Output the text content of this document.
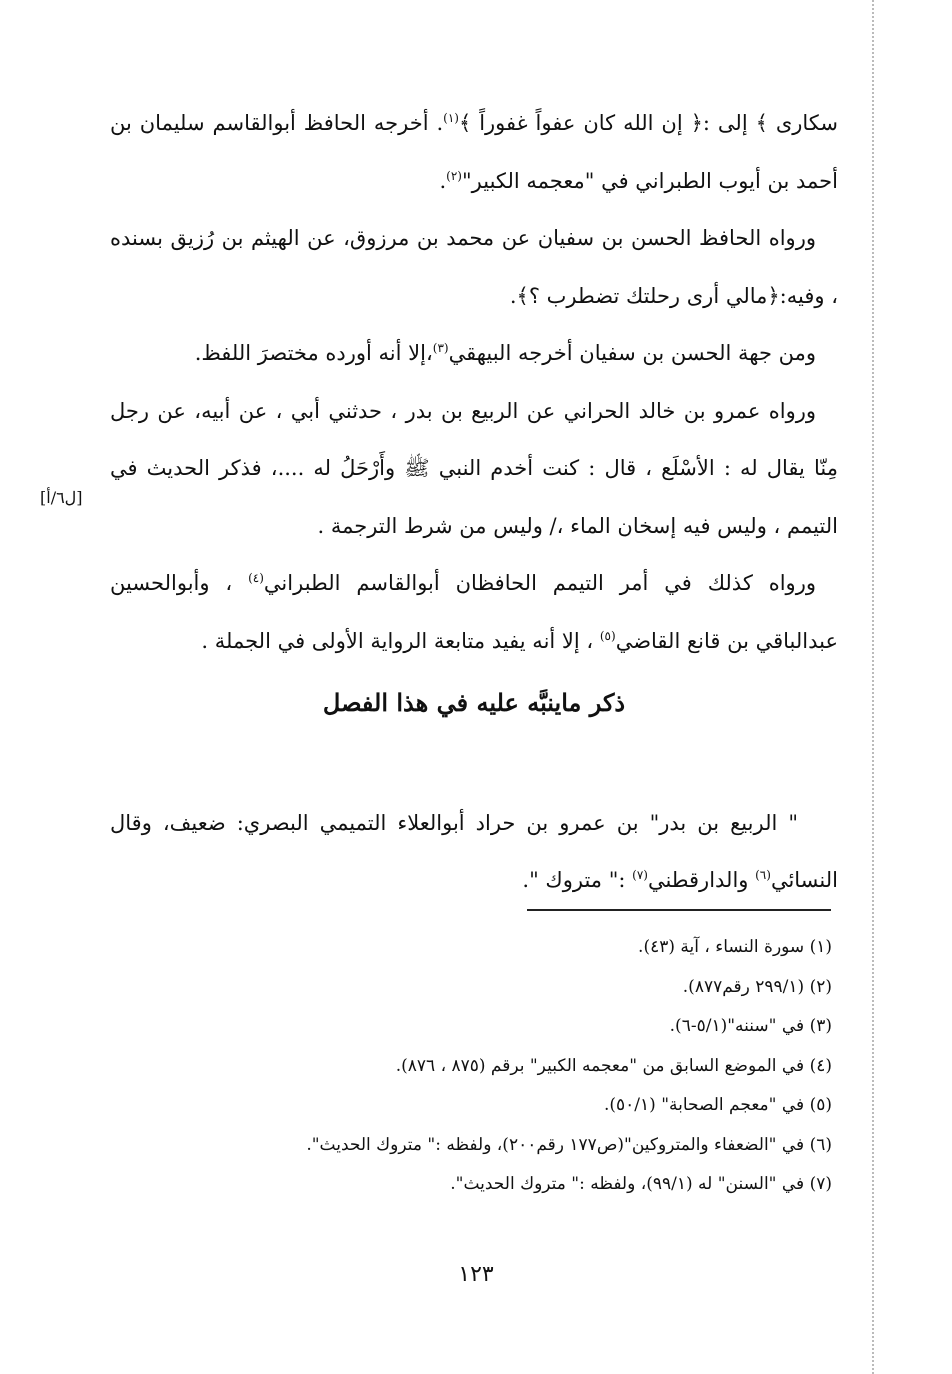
[ل٦/أ]

سكارى ﴾ إلى :﴿ إن الله كان عفواً غفوراً ﴾$^{(١)}$. أخرجه الحافظ أبوالقاسم سليمان بن أحمد بن أيوب الطبراني في "معجمه الكبير"$^{(٢)}$.

ورواه الحافظ الحسن بن سفيان عن محمد بن مرزوق، عن الهيثم بن رُزيق بسنده ، وفيه:﴿مالي أرى رحلتك تضطرب ؟﴾.

ومن جهة الحسن بن سفيان أخرجه البيهقي$^{(٣)}$،إلا أنه أورده مختصرَ اللفظ.

ورواه عمرو بن خالد الحراني عن الربيع بن بدر ، حدثني أبي ، عن أبيه، عن رجل مِنّا يقال له : الأسْلَع ، قال : كنت أخدم النبي ﷺ وأَرْحَلُ له ....، فذكر الحديث في التيمم ، وليس فيه إسخان الماء ،/ وليس من شرط الترجمة .

ورواه كذلك في أمر التيمم الحافظان أبوالقاسم الطبراني$^{(٤)}$ ، وأبوالحسين عبدالباقي بن قانع القاضي$^{(٥)}$ ، إلا أنه يفيد متابعة الرواية الأولى في الجملة .

ذكر ماينبَّه عليه في هذا الفصل

" الربيع بن بدر" بن عمرو بن حراد أبوالعلاء التميمي البصري: ضعيف، وقال النسائي$^{(٦)}$ والدارقطني$^{(٧)}$ :" متروك ".

(١) سورة النساء ، آية (٤٣).
(٢) (٢٩٩/١ رقم٨٧٧).
(٣) في "سننه"(٥/١-٦).
(٤) في الموضع السابق من "معجمه الكبير" برقم (٨٧٥ ، ٨٧٦).
(٥) في "معجم الصحابة" (٥٠/١).
(٦) في "الضعفاء والمتروكين"(ص١٧٧ رقم٢٠٠)، ولفظه :" متروك الحديث".
(٧) في "السنن" له (٩٩/١)، ولفظه :" متروك الحديث".
١٢٣
